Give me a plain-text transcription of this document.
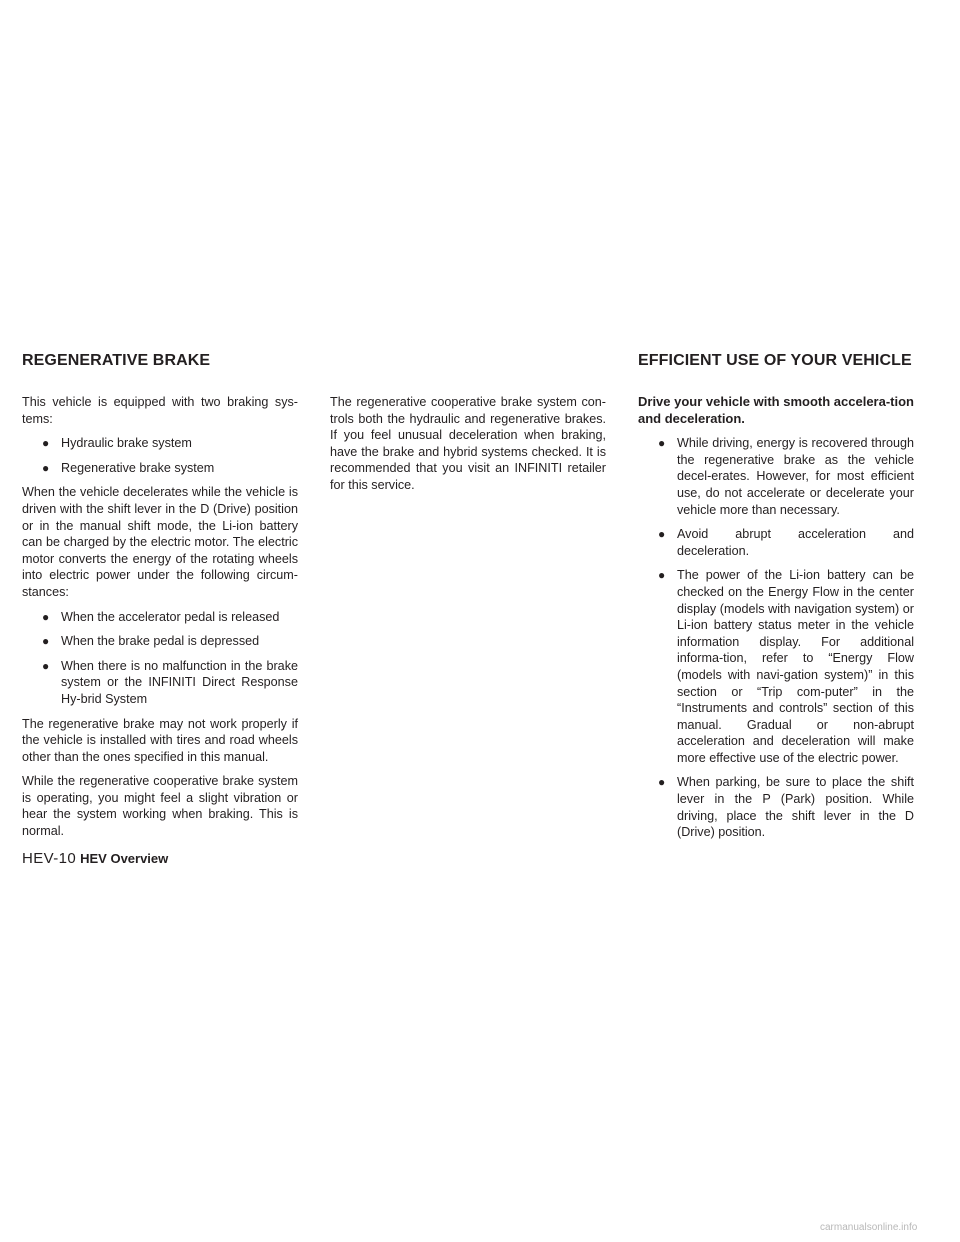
REGENERATIVE BRAKE	EFFICIENT USE OF YOUR VEHICLE

This vehicle is equipped with two braking sys-tems:

● Hydraulic brake system
● Regenerative brake system

When the vehicle decelerates while the vehicle is driven with the shift lever in the D (Drive) position or in the manual shift mode, the Li-ion battery can be charged by the electric motor. The electric motor converts the energy of the rotating wheels into electric power under the following circum-stances:

● When the accelerator pedal is released
● When the brake pedal is depressed
● When there is no malfunction in the brake system or the INFINITI Direct Response Hy-brid System

The regenerative brake may not work properly if the vehicle is installed with tires and road wheels other than the ones specified in this manual.

While the regenerative cooperative brake system is operating, you might feel a slight vibration or hear the system working when braking. This is normal.

The regenerative cooperative brake system con-trols both the hydraulic and regenerative brakes. If you feel unusual deceleration when braking, have the brake and hybrid systems checked. It is recommended that you visit an INFINITI retailer for this service.

Drive your vehicle with smooth accelera-tion and deceleration.
● While driving, energy is recovered through the regenerative brake as the vehicle decel-erates. However, for most efficient use, do not accelerate or decelerate your vehicle more than necessary.
● Avoid abrupt acceleration and deceleration.
● The power of the Li-ion battery can be checked on the Energy Flow in the center display (models with navigation system) or Li-ion battery status meter in the vehicle information display. For additional informa-tion, refer to “Energy Flow (models with navi-gation system)” in this section or “Trip com-puter” in the “Instruments and controls” section of this manual. Gradual or non-abrupt acceleration and deceleration will make more effective use of the electric power.
● When parking, be sure to place the shift lever in the P (Park) position. While driving, place the shift lever in the D (Drive) position.
HEV-10 HEV Overview
carmanualsonline.info
